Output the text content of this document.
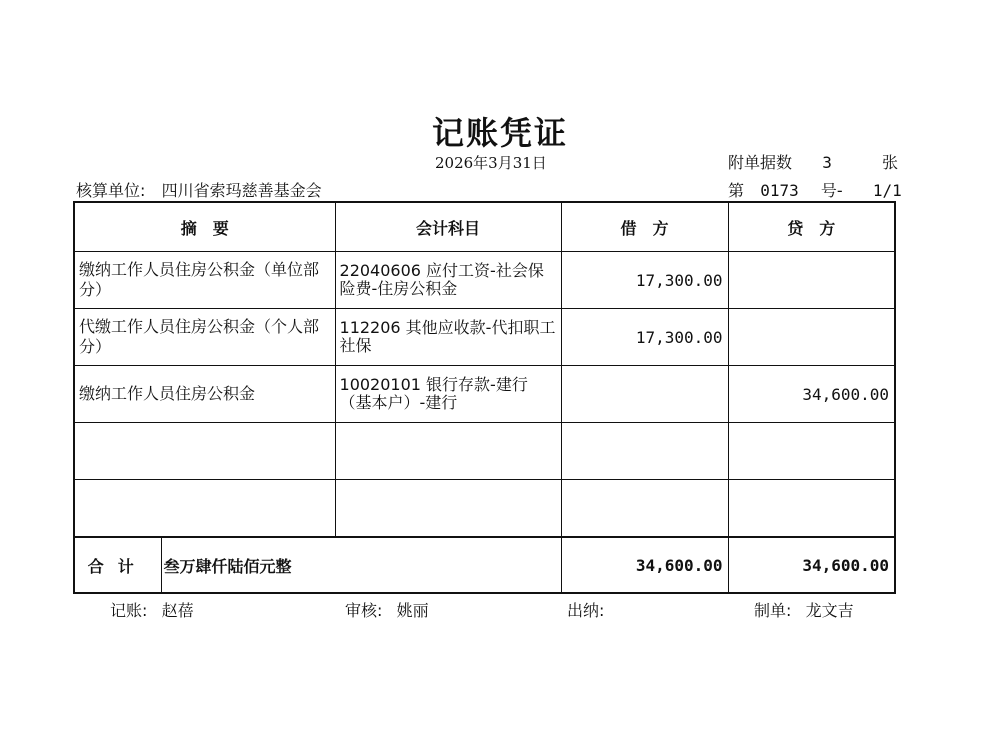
记账凭证
2026年3月31日	附单据数 3	张
核算单位: 四川省索玛慈善基金会	第 0173 号- 1/1
摘　要		会计科目	借　方	贷　方
缴纳工作人员住房公积金（单位部分）		22040606 应付工资-社会保险费-住房公积金	17,300.00	
代缴工作人员住房公积金（个人部分）		112206 其他应收款-代扣职工社保	17,300.00	
缴纳工作人员住房公积金		10020101 银行存款-建行（基本户）-建行		34,600.00

合计	叁万肆仟陆佰元整		34,600.00	34,600.00
记账: 赵蓓	审核: 姚丽	出纳:	制单: 龙文吉
